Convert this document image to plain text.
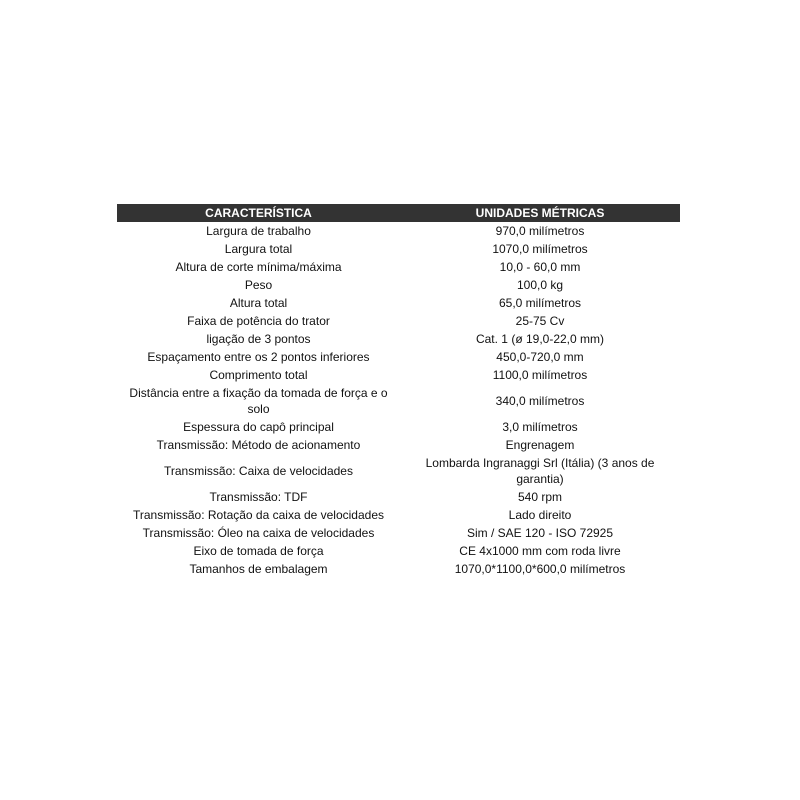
CARACTERÍSTICA	UNIDADES MÉTRICAS
Largura de trabalho	970,0 milímetros
Largura total	1070,0 milímetros
Altura de corte mínima/máxima	10,0 - 60,0 mm
Peso	100,0 kg
Altura total	65,0 milímetros
Faixa de potência do trator	25-75 Cv
ligação de 3 pontos	Cat. 1 (ø 19,0-22,0 mm)
Espaçamento entre os 2 pontos inferiores	450,0-720,0 mm
Comprimento total	1100,0 milímetros
Distância entre a fixação da tomada de força e o solo	340,0 milímetros
Espessura do capô principal	3,0 milímetros
Transmissão: Método de acionamento	Engrenagem
Transmissão: Caixa de velocidades	Lombarda Ingranaggi Srl (Itália) (3 anos de garantia)
Transmissão: TDF	540 rpm
Transmissão: Rotação da caixa de velocidades	Lado direito
Transmissão: Óleo na caixa de velocidades	Sim / SAE 120 - ISO 72925
Eixo de tomada de força	CE 4x1000 mm com roda livre
Tamanhos de embalagem	1070,0*1100,0*600,0 milímetros
